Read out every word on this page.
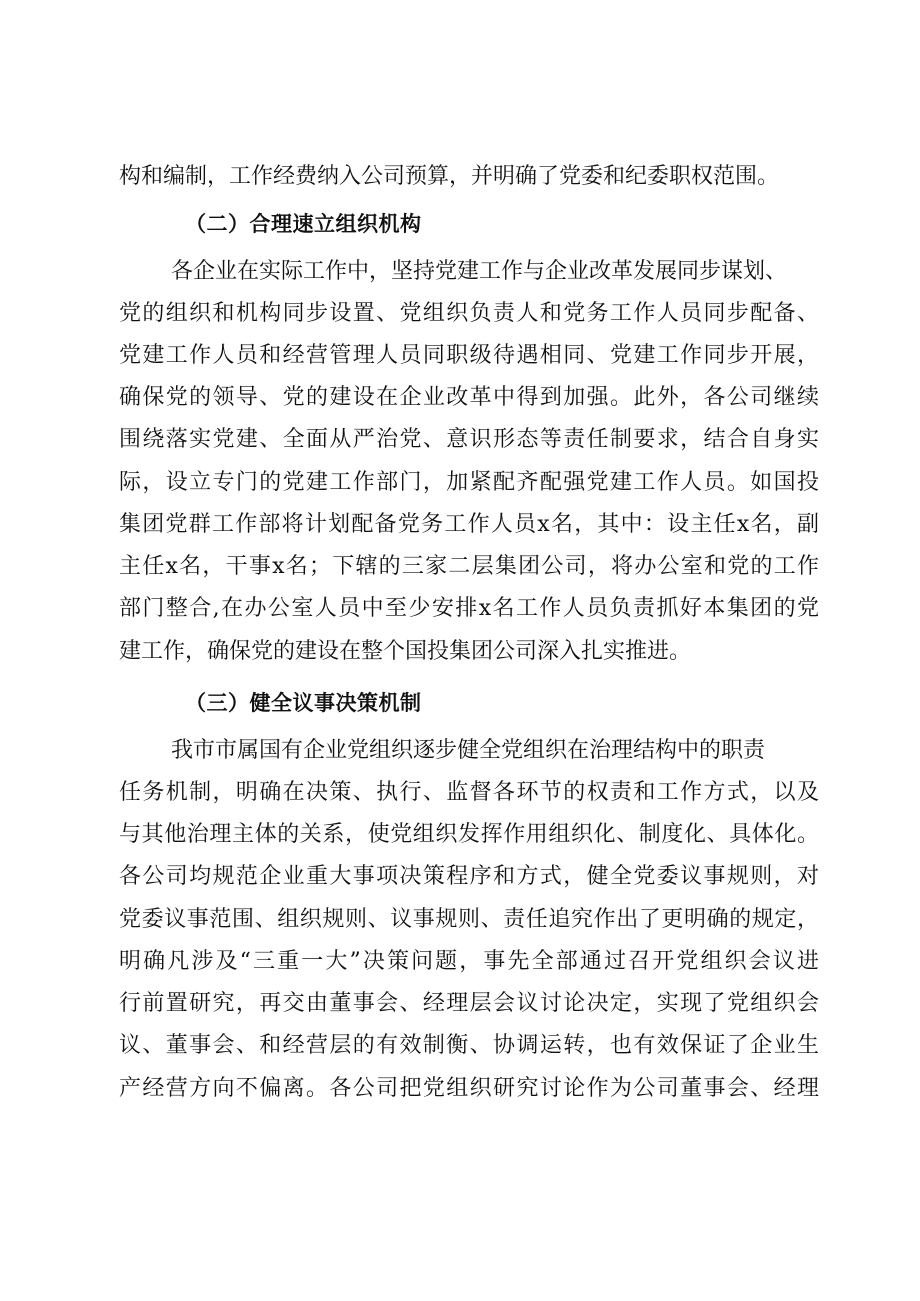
构和编制，工作经费纳入公司预算，并明确了党委和纪委职权范围。
（二）合理速立组织机构
各企业在实际工作中，坚持党建工作与企业改革发展同步谋划、
党的组织和机构同步设置、党组织负责人和党务工作人员同步配备、
党建工作人员和经营管理人员同职级待遇相同、党建工作同步开展，
确保党的领导、党的建设在企业改革中得到加强。此外，各公司继续
围绕落实党建、全面从严治党、意识形态等责任制要求，结合自身实
际，设立专门的党建工作部门，加紧配齐配强党建工作人员。如国投
集团党群工作部将计划配备党务工作人员x名，其中：设主任x名，副
主任x名，干事x名；下辖的三家二层集团公司，将办公室和党的工作
部门整合,在办公室人员中至少安排x名工作人员负责抓好本集团的党
建工作，确保党的建设在整个国投集团公司深入扎实推进。
（三）健全议事决策机制
我市市属国有企业党组织逐步健全党组织在治理结构中的职责
任务机制，明确在决策、执行、监督各环节的权责和工作方式，以及
与其他治理主体的关系，使党组织发挥作用组织化、制度化、具体化。
各公司均规范企业重大事项决策程序和方式，健全党委议事规则，对
党委议事范围、组织规则、议事规则、责任追究作出了更明确的规定，
明确凡涉及“三重一大”决策问题，事先全部通过召开党组织会议进
行前置研究，再交由董事会、经理层会议讨论决定，实现了党组织会
议、董事会、和经营层的有效制衡、协调运转，也有效保证了企业生
产经营方向不偏离。各公司把党组织研究讨论作为公司董事会、经理
